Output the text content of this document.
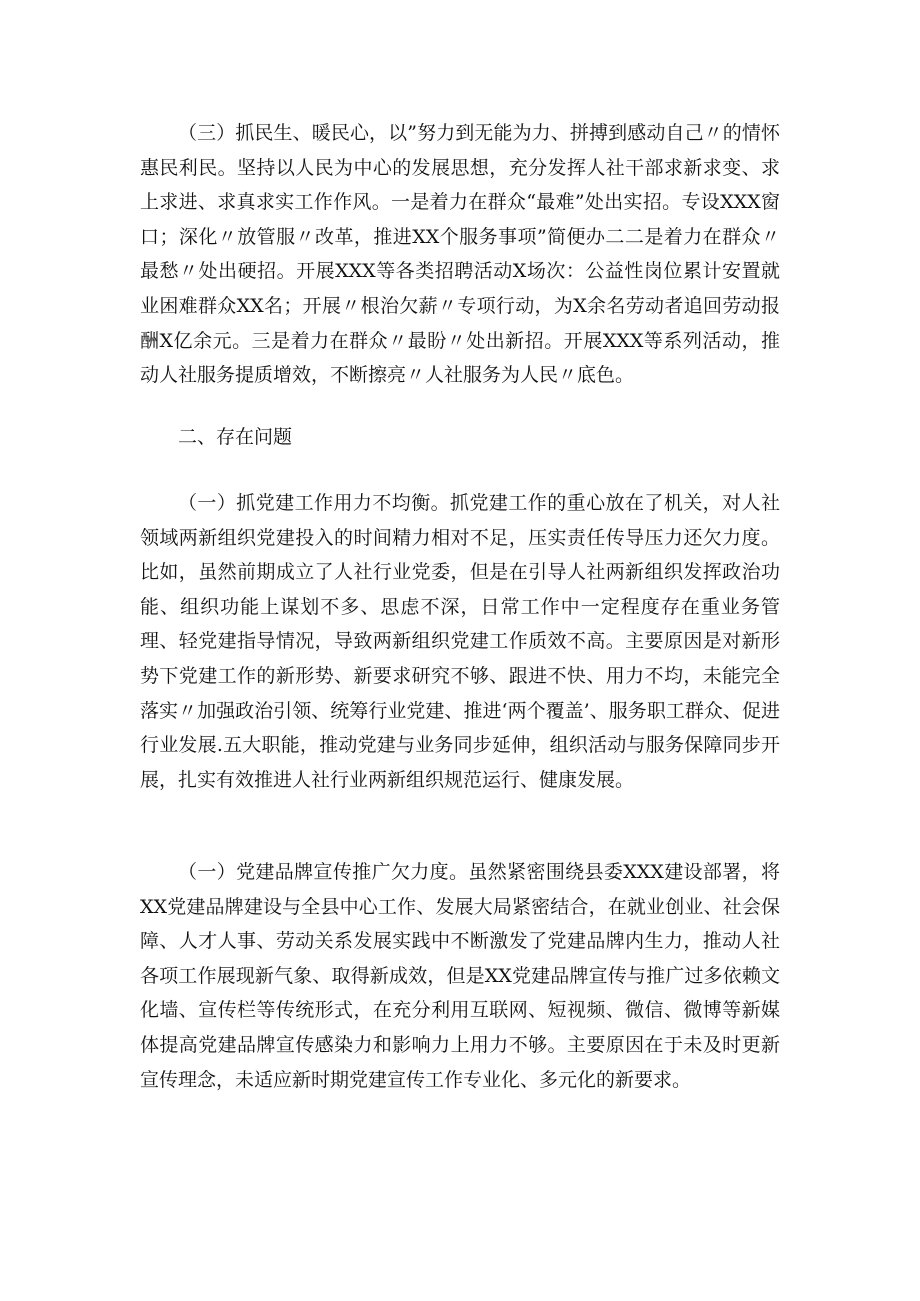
（三）抓民生、暖民心，以”努力到无能为力、拼搏到感动自己〃的情怀惠民利民。坚持以人民为中心的发展思想，充分发挥人社干部求新求变、求上求进、求真求实工作作风。一是着力在群众“最难”处出实招。专设XXX窗口；深化〃放管服〃改革，推进XX个服务事项”简便办二二是着力在群众〃最愁〃处出硬招。开展XXX等各类招聘活动X场次：公益性岗位累计安置就业困难群众XX名；开展〃根治欠薪〃专项行动，为X余名劳动者追回劳动报酬X亿余元。三是着力在群众〃最盼〃处出新招。开展XXX等系列活动，推动人社服务提质增效，不断擦亮〃人社服务为人民〃底色。

二、存在问题

（一）抓党建工作用力不均衡。抓党建工作的重心放在了机关，对人社领域两新组织党建投入的时间精力相对不足，压实责任传导压力还欠力度。比如，虽然前期成立了人社行业党委，但是在引导人社两新组织发挥政治功能、组织功能上谋划不多、思虑不深，日常工作中一定程度存在重业务管理、轻党建指导情况，导致两新组织党建工作质效不高。主要原因是对新形势下党建工作的新形势、新要求研究不够、跟进不快、用力不均，未能完全落实〃加强政治引领、统筹行业党建、推进‘两个覆盖’、服务职工群众、促进行业发展.五大职能，推动党建与业务同步延伸，组织活动与服务保障同步开展，扎实有效推进人社行业两新组织规范运行、健康发展。

（一）党建品牌宣传推广欠力度。虽然紧密围绕县委XXX建设部署，将XX党建品牌建设与全县中心工作、发展大局紧密结合，在就业创业、社会保障、人才人事、劳动关系发展实践中不断激发了党建品牌内生力，推动人社各项工作展现新气象、取得新成效，但是XX党建品牌宣传与推广过多依赖文化墙、宣传栏等传统形式，在充分利用互联网、短视频、微信、微博等新媒体提高党建品牌宣传感染力和影响力上用力不够。主要原因在于未及时更新宣传理念，未适应新时期党建宣传工作专业化、多元化的新要求。
